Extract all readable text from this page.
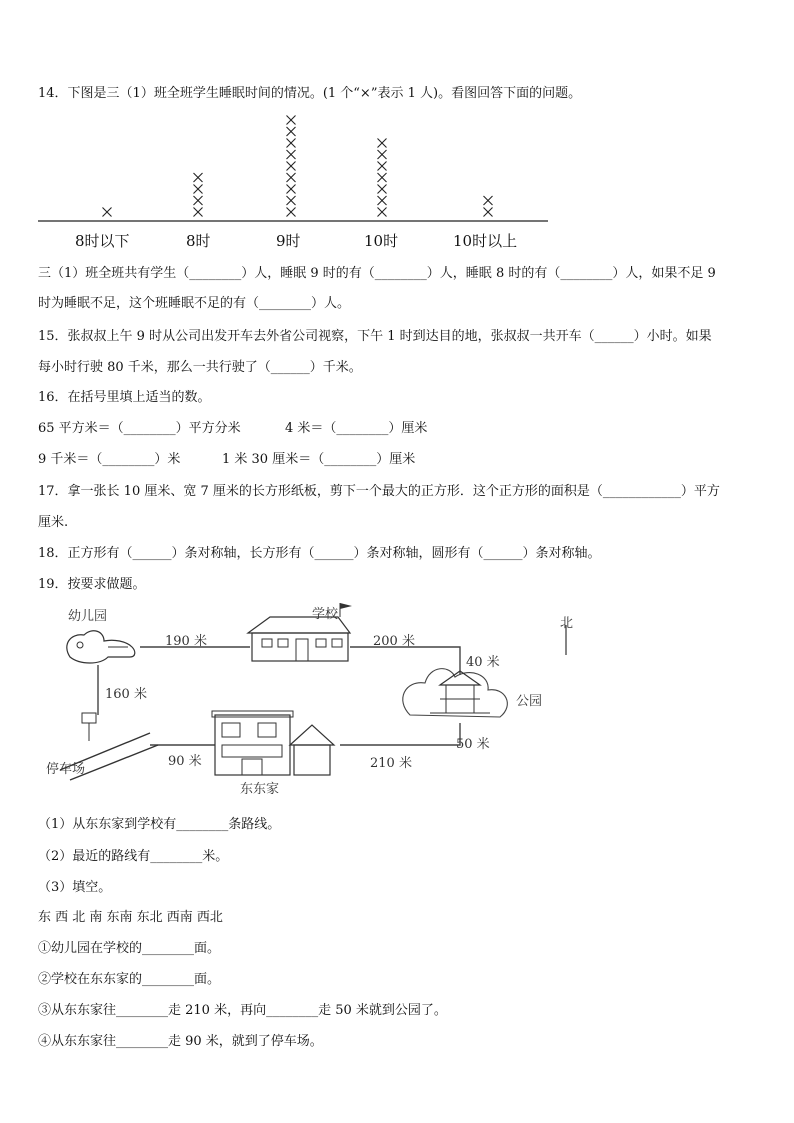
14．下图是三（1）班全班学生睡眠时间的情况。(1 个“×”表示 1 人)。看图回答下面的问题。
8时以下	8时	9时	10时	10时以上
三（1）班全班共有学生（________）人，睡眠 9 时的有（________）人，睡眠 8 时的有（________）人，如果不足 9
时为睡眠不足，这个班睡眠不足的有（________）人。
15．张叔叔上午 9 时从公司出发开车去外省公司视察，下午 1 时到达目的地，张叔叔一共开车（______）小时。如果
每小时行驶 80 千米，那么一共行驶了（______）千米。
16．在括号里填上适当的数。
65 平方米＝（________）平方分米	4 米＝（________）厘米
9 千米＝（________）米	1 米 30 厘米＝（________）厘米
17．拿一张长 10 厘米、宽 7 厘米的长方形纸板，剪下一个最大的正方形．这个正方形的面积是（____________）平方
厘米.
18．正方形有（______）条对称轴，长方形有（______）条对称轴，圆形有（______）条对称轴。
19．按要求做题。
幼儿园	学校
北
190 米	200 米
40 米
160 米	公园
50 米
90 米	210 米
停车场
东东家
（1）从东东家到学校有________条路线。
（2）最近的路线有________米。
（3）填空。
东 西 北 南 东南 东北 西南 西北
①幼儿园在学校的________面。
②学校在东东家的________面。
③从东东家往________走 210 米，再向________走 50 米就到公园了。
④从东东家往________走 90 米，就到了停车场。
